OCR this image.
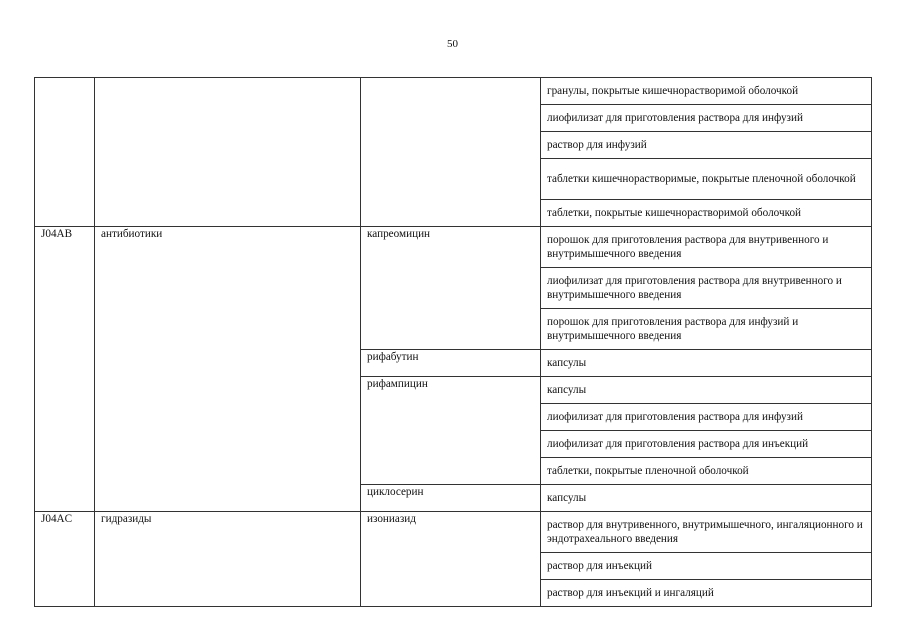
50

			гранулы, покрытые кишечнорастворимой оболочкой

			лиофилизат для приготовления раствора для инфузий

			раствор для инфузий

			таблетки кишечнорастворимые, покрытые пленочной оболочкой

			таблетки, покрытые кишечнорастворимой оболочкой

J04AB	антибиотики	капреомицин	порошок для приготовления раствора для внутривенного и внутримышечного введения

			лиофилизат для приготовления раствора для внутривенного и внутримышечного введения

			порошок для приготовления раствора для инфузий и внутримышечного введения

		рифабутин	капсулы

		рифампицин	капсулы

			лиофилизат для приготовления раствора для инфузий

			лиофилизат для приготовления раствора для инъекций

			таблетки, покрытые пленочной оболочкой

		циклосерин	капсулы

J04AC	гидразиды	изониазид	раствор для внутривенного, внутримышечного, ингаляционного и эндотрахеального введения

			раствор для инъекций

			раствор для инъекций и ингаляций
